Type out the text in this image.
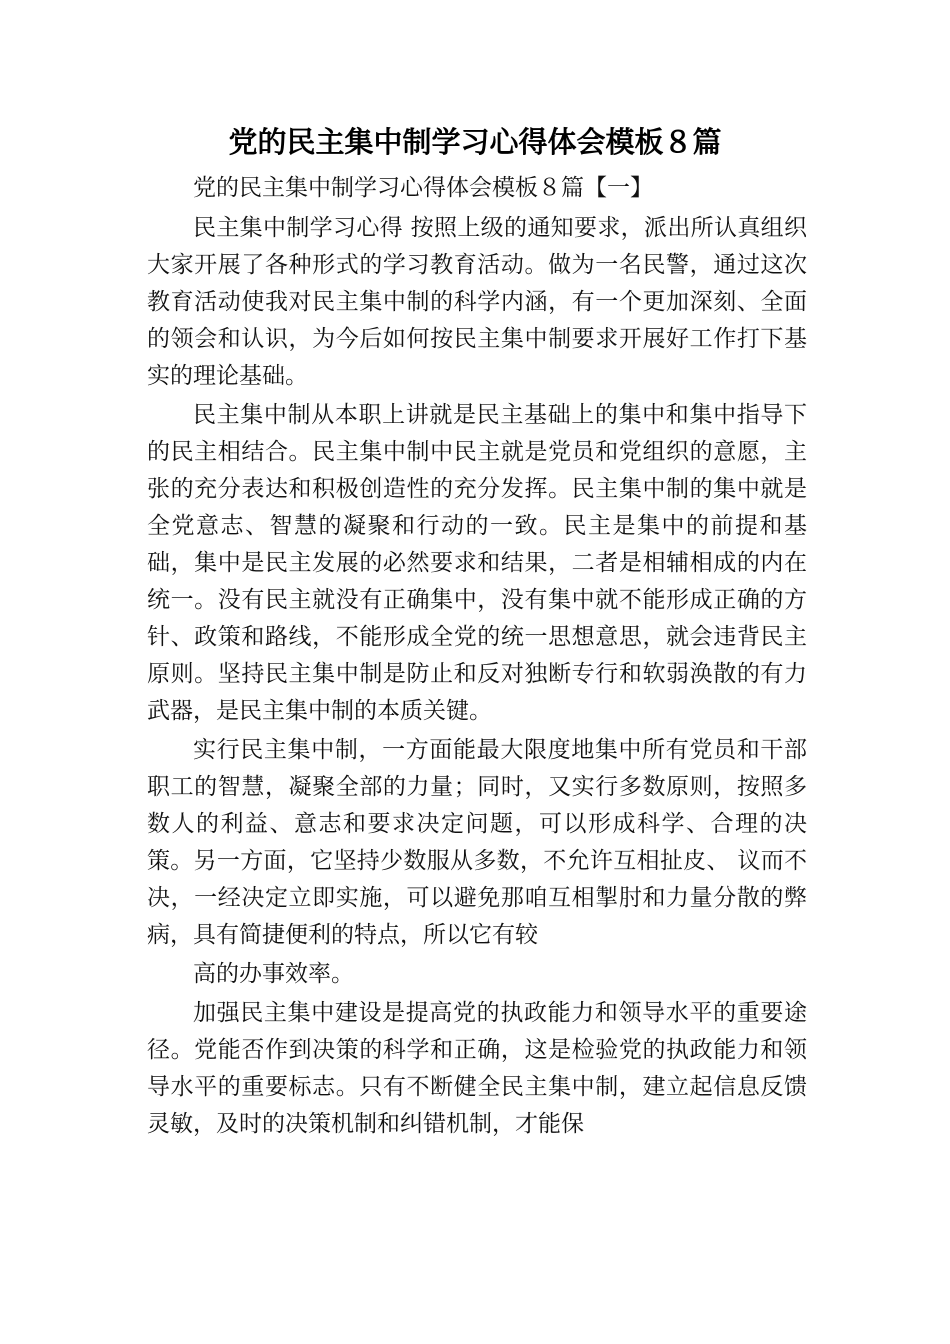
党的民主集中制学习心得体会模板８篇

党的民主集中制学习心得体会模板８篇【一】

民主集中制学习心得 按照上级的通知要求，派出所认真组织大家开展了各种形式的学习教育活动。做为一名民警，通过这次教育活动使我对民主集中制的科学内涵，有一个更加深刻、全面的领会和认识，为今后如何按民主集中制要求开展好工作打下基实的理论基础。

民主集中制从本职上讲就是民主基础上的集中和集中指导下的民主相结合。民主集中制中民主就是党员和党组织的意愿，主张的充分表达和积极创造性的充分发挥。民主集中制的集中就是全党意志、智慧的凝聚和行动的一致。民主是集中的前提和基础，集中是民主发展的必然要求和结果，二者是相辅相成的内在统一。没有民主就没有正确集中，没有集中就不能形成正确的方针、政策和路线，不能形成全党的统一思想意思，就会违背民主原则。坚持民主集中制是防止和反对独断专行和软弱涣散的有力武器，是民主集中制的本质关键。

实行民主集中制，一方面能最大限度地集中所有党员和干部职工的智慧，凝聚全部的力量；同时，又实行多数原则，按照多数人的利益、意志和要求决定问题，可以形成科学、合理的决策。另一方面，它坚持少数服从多数，不允许互相扯皮、 议而不决，一经决定立即实施，可以避免那咱互相掣肘和力量分散的弊病，具有简捷便利的特点，所以它有较

高的办事效率。

加强民主集中建设是提高党的执政能力和领导水平的重要途径。党能否作到决策的科学和正确，这是检验党的执政能力和领导水平的重要标志。只有不断健全民主集中制，建立起信息反馈灵敏，及时的决策机制和纠错机制，才能保
